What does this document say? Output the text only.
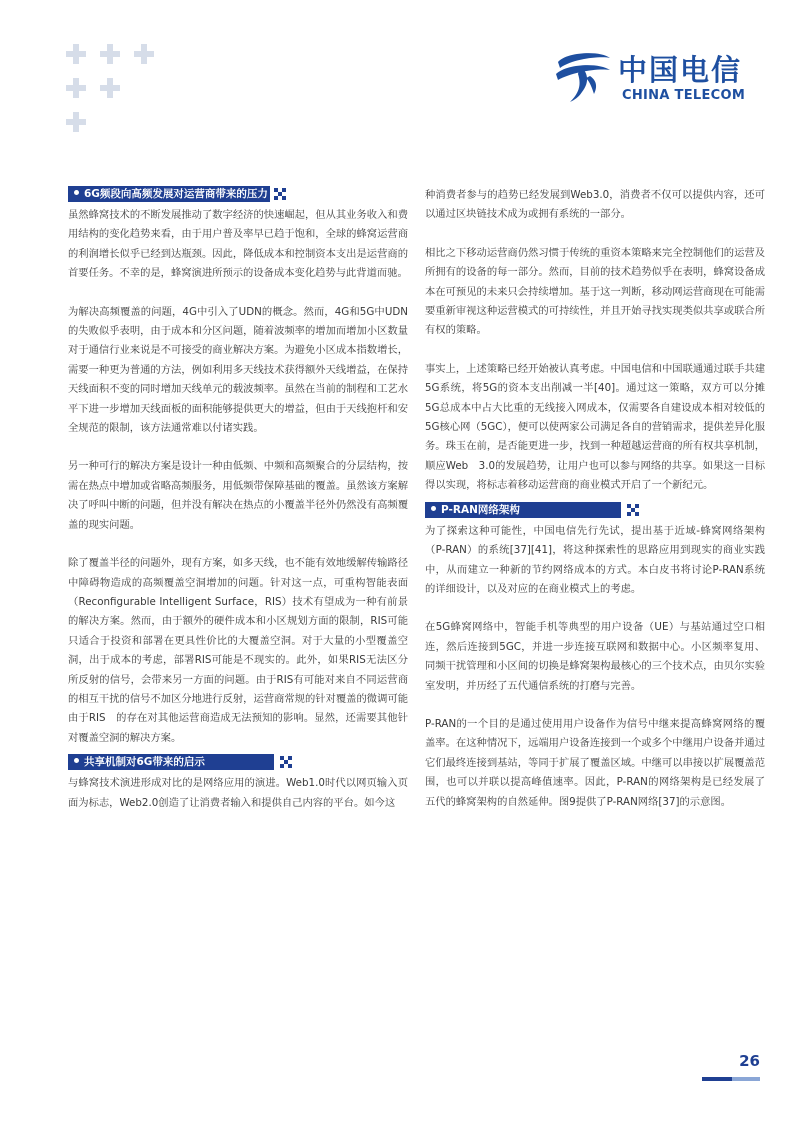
中国电信
CHINA TELECOM
6G频段向高频发展对运营商带来的压力

虽然蜂窝技术的不断发展推动了数字经济的快速崛起，但从其业务收入和费用结构的变化趋势来看，由于用户普及率早已趋于饱和，全球的蜂窝运营商的利润增长似乎已经到达瓶颈。因此，降低成本和控制资本支出是运营商的首要任务。不幸的是，蜂窝演进所预示的设备成本变化趋势与此背道而驰。

为解决高频覆盖的问题，4G中引入了UDN的概念。然而，4G和5G中UDN的失败似乎表明，由于成本和分区问题，随着波频率的增加而增加小区数量对于通信行业来说是不可接受的商业解决方案。为避免小区成本指数增长，需要一种更为普通的方法，例如利用多天线技术获得额外天线增益，在保持天线面积不变的同时增加天线单元的载波频率。虽然在当前的制程和工艺水平下进一步增加天线面板的面积能够提供更大的增益，但由于天线抱杆和安全规范的限制，该方法通常难以付诸实践。

另一种可行的解决方案是设计一种由低频、中频和高频聚合的分层结构，按需在热点中增加或省略高频服务，用低频带保障基础的覆盖。虽然该方案解决了呼叫中断的问题，但并没有解决在热点的小覆盖半径外仍然没有高频覆盖的现实问题。

除了覆盖半径的问题外，现有方案，如多天线，也不能有效地缓解传输路径中障碍物造成的高频覆盖空洞增加的问题。针对这一点，可重构智能表面（Reconfigurable Intelligent Surface，RIS）技术有望成为一种有前景的解决方案。然而，由于额外的硬件成本和小区规划方面的限制，RIS可能只适合于投资和部署在更具性价比的大覆盖空洞。对于大量的小型覆盖空洞，出于成本的考虑，部署RIS可能是不现实的。此外，如果RIS无法区分所反射的信号，会带来另一方面的问题。由于RIS有可能对来自不同运营商的相互干扰的信号不加区分地进行反射，运营商常规的针对覆盖的微调可能由于RIS　的存在对其他运营商造成无法预知的影响。显然，还需要其他针对覆盖空洞的解决方案。

共享机制对6G带来的启示

与蜂窝技术演进形成对比的是网络应用的演进。Web1.0时代以网页输入页面为标志，Web2.0创造了让消费者输入和提供自己内容的平台。如今这

种消费者参与的趋势已经发展到Web3.0，消费者不仅可以提供内容，还可以通过区块链技术成为或拥有系统的一部分。

相比之下移动运营商仍然习惯于传统的重资本策略来完全控制他们的运营及所拥有的设备的每一部分。然而，目前的技术趋势似乎在表明，蜂窝设备成本在可预见的未来只会持续增加。基于这一判断，移动网运营商现在可能需要重新审视这种运营模式的可持续性，并且开始寻找实现类似共享或联合所有权的策略。

事实上，上述策略已经开始被认真考虑。中国电信和中国联通通过联手共建5G系统，将5G的资本支出削减一半[40]。通过这一策略，双方可以分摊5G总成本中占大比重的无线接入网成本，仅需要各自建设成本相对较低的5G核心网（5GC），便可以使两家公司满足各自的营销需求，提供差异化服务。珠玉在前，是否能更进一步，找到一种超越运营商的所有权共享机制，顺应Web　3.0的发展趋势，让用户也可以参与网络的共享。如果这一目标得以实现，将标志着移动运营商的商业模式开启了一个新纪元。

P-RAN网络架构

为了探索这种可能性，中国电信先行先试，提出基于近域-蜂窝网络架构（P-RAN）的系统[37][41]，将这种探索性的思路应用到现实的商业实践中，从而建立一种新的节约网络成本的方式。本白皮书将讨论P-RAN系统的详细设计，以及对应的在商业模式上的考虑。

在5G蜂窝网络中，智能手机等典型的用户设备（UE）与基站通过空口相连，然后连接到5GC，并进一步连接互联网和数据中心。小区频率复用、同频干扰管理和小区间的切换是蜂窝架构最核心的三个技术点，由贝尔实验室发明，并历经了五代通信系统的打磨与完善。

P-RAN的一个目的是通过使用用户设备作为信号中继来提高蜂窝网络的覆盖率。在这种情况下，远端用户设备连接到一个或多个中继用户设备并通过它们最终连接到基站，等同于扩展了覆盖区域。中继可以串接以扩展覆盖范围，也可以并联以提高峰值速率。因此，P-RAN的网络架构是已经发展了五代的蜂窝架构的自然延伸。图9提供了P-RAN网络[37]的示意图。

26
